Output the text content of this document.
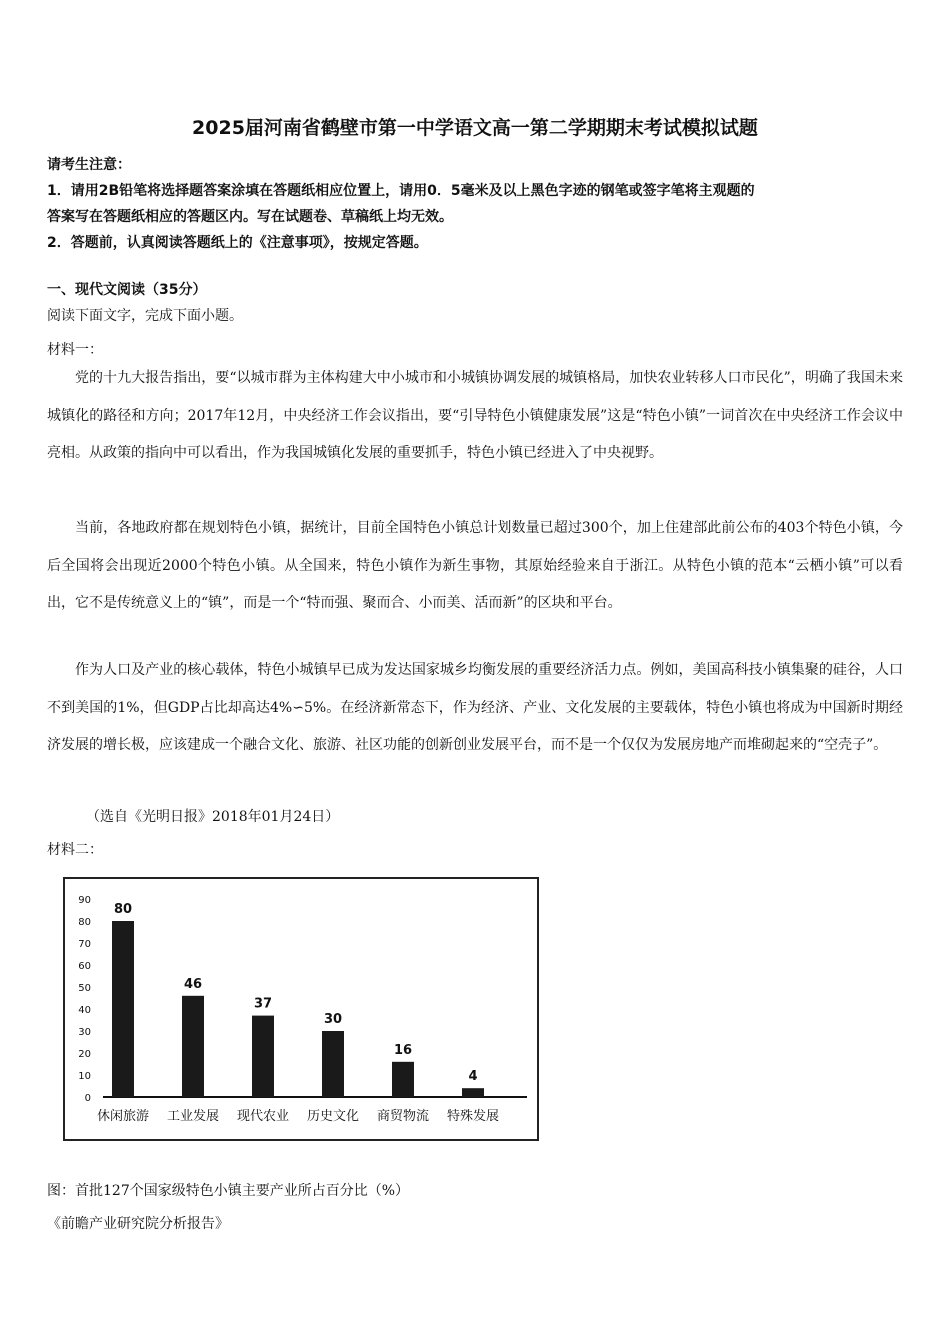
2025届河南省鹤壁市第一中学语文高一第二学期期末考试模拟试题
请考生注意：
1．请用2B铅笔将选择题答案涂填在答题纸相应位置上，请用0．5毫米及以上黑色字迹的钢笔或签字笔将主观题的
答案写在答题纸相应的答题区内。写在试题卷、草稿纸上均无效。
2．答题前，认真阅读答题纸上的《注意事项》，按规定答题。
一、现代文阅读（35分）
阅读下面文字，完成下面小题。
材料一：
党的十九大报告指出，要“以城市群为主体构建大中小城市和小城镇协调发展的城镇格局，加快农业转移人口市民化”，明确了我国未来城镇化的路径和方向；2017年12月，中央经济工作会议指出，要“引导特色小镇健康发展”这是“特色小镇”一词首次在中央经济工作会议中亮相。从政策的指向中可以看出，作为我国城镇化发展的重要抓手，特色小镇已经进入了中央视野。
当前，各地政府都在规划特色小镇，据统计，目前全国特色小镇总计划数量已超过300个，加上住建部此前公布的403个特色小镇，今后全国将会出现近2000个特色小镇。从全国来，特色小镇作为新生事物，其原始经验来自于浙江。从特色小镇的范本“云栖小镇”可以看出，它不是传统意义上的“镇”，而是一个“特而强、聚而合、小而美、活而新”的区块和平台。
作为人口及产业的核心载体，特色小城镇早已成为发达国家城乡均衡发展的重要经济活力点。例如，美国高科技小镇集聚的硅谷，人口不到美国的1%，但GDP占比却高达4%∽5%。在经济新常态下，作为经济、产业、文化发展的主要载体，特色小镇也将成为中国新时期经济发展的增长极，应该建成一个融合文化、旅游、社区功能的创新创业发展平台，而不是一个仅仅为发展房地产而堆砌起来的“空壳子”。
（选自《光明日报》2018年01月24日）
材料二：
0
10
20
30
40
50
60
70
80
90
80
46
37
30
16
4
休闲旅游 工业发展 现代农业 历史文化 商贸物流 特殊发展
图：首批127个国家级特色小镇主要产业所占百分比（%）
《前瞻产业研究院分析报告》
